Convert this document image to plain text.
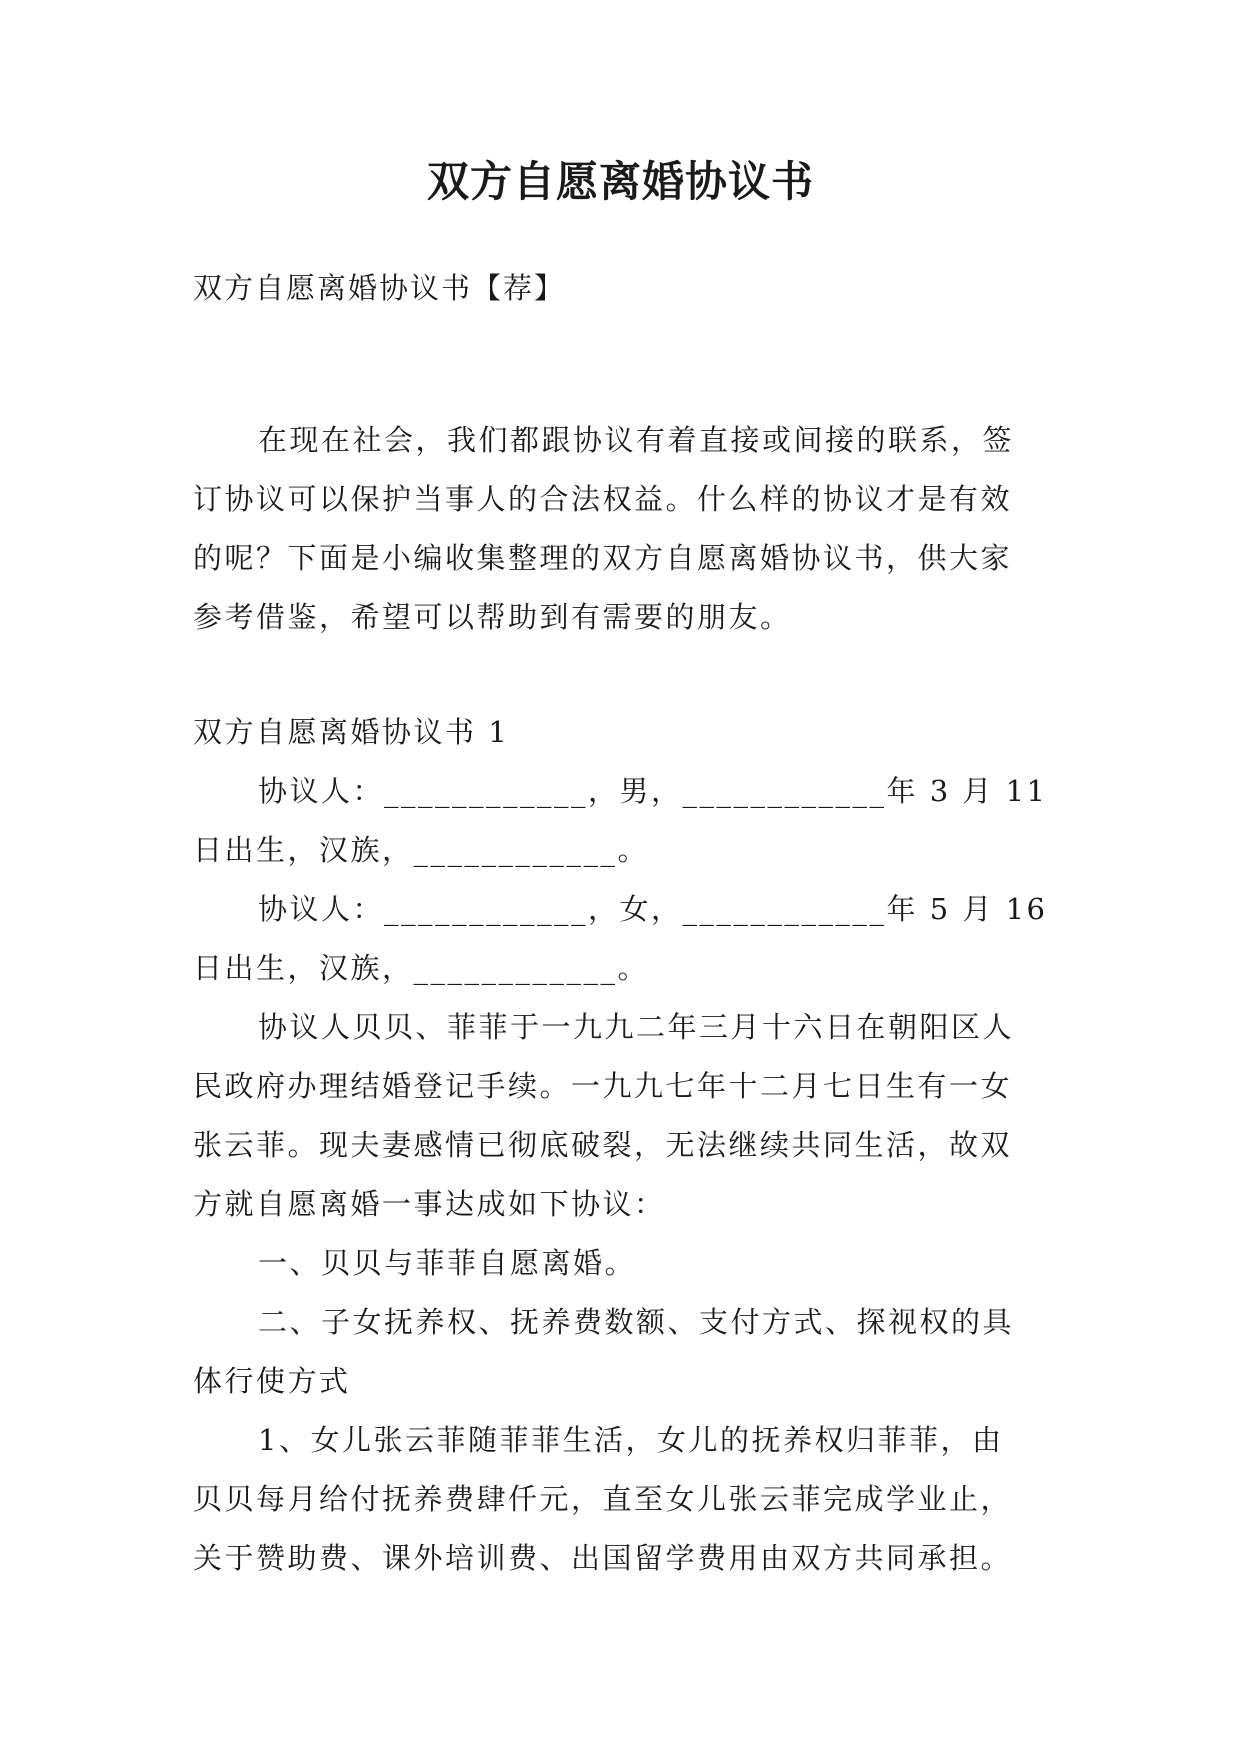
双方自愿离婚协议书

双方自愿离婚协议书【荐】

在现在社会，我们都跟协议有着直接或间接的联系，签
订协议可以保护当事人的合法权益。什么样的协议才是有效
的呢？下面是小编收集整理的双方自愿离婚协议书，供大家
参考借鉴，希望可以帮助到有需要的朋友。
双方自愿离婚协议书 1
协议人：____________，男，____________年 3 月 11
日出生，汉族，____________。
协议人：____________，女，____________年 5 月 16
日出生，汉族，____________。
协议人贝贝、菲菲于一九九二年三月十六日在朝阳区人
民政府办理结婚登记手续。一九九七年十二月七日生有一女
张云菲。现夫妻感情已彻底破裂，无法继续共同生活，故双
方就自愿离婚一事达成如下协议：
一、贝贝与菲菲自愿离婚。
二、子女抚养权、抚养费数额、支付方式、探视权的具
体行使方式
1、女儿张云菲随菲菲生活，女儿的抚养权归菲菲，由
贝贝每月给付抚养费肆仟元，直至女儿张云菲完成学业止，
关于赞助费、课外培训费、出国留学费用由双方共同承担。
